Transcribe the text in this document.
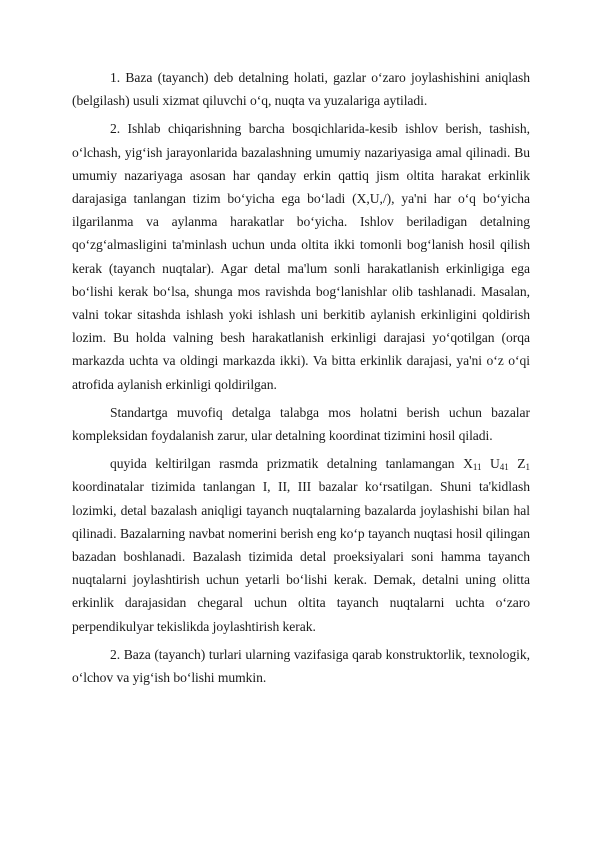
1. Baza (tayanch) deb detalning holati, gazlar o‘zaro joylashishini aniqlash (belgilash) usuli xizmat qiluvchi o‘q, nuqta va yuzalariga aytiladi.

2. Ishlab chiqarishning barcha bosqichlarida-kesib ishlov berish, tashish, o‘lchash, yig‘ish jarayonlarida bazalashning umumiy nazariyasiga amal qilinadi. Bu umumiy nazariyaga asosan har qanday erkin qattiq jism oltita harakat erkinlik darajasiga tanlangan tizim bo‘yicha ega bo‘ladi (X,U,/), ya'ni har o‘q bo‘yicha ilgarilanma va aylanma harakatlar bo‘yicha. Ishlov beriladigan detalning qo‘zg‘almasligini ta'minlash uchun unda oltita ikki tomonli bog‘lanish hosil qilish kerak (tayanch nuqtalar). Agar detal ma'lum sonli harakatlanish erkinligiga ega bo‘lishi kerak bo‘lsa, shunga mos ravishda bog‘lanishlar olib tashlanadi. Masalan, valni tokar sitashda ishlash yoki ishlash uni berkitib aylanish erkinligini qoldirish lozim. Bu holda valning besh harakatlanish erkinligi darajasi yo‘qotilgan (orqa markazda uchta va oldingi markazda ikki). Va bitta erkinlik darajasi, ya'ni o‘z o‘qi atrofida aylanish erkinligi qoldirilgan.

Standartga muvofiq detalga talabga mos holatni berish uchun bazalar kompleksidan foydalanish zarur, ular detalning koordinat tizimini hosil qiladi.

quyida keltirilgan rasmda prizmatik detalning tanlamangan $X_{11}$ $U_{41}$ $Z_1$ koordinatalar tizimida tanlangan I, II, III bazalar ko‘rsatilgan. Shuni ta'kidlash lozimki, detal bazalash aniqligi tayanch nuqtalarning bazalarda joylashishi bilan hal qilinadi. Bazalarning navbat nomerini berish eng ko‘p tayanch nuqtasi hosil qilingan bazadan boshlanadi. Bazalash tizimida detal proeksiyalari soni hamma tayanch nuqtalarni joylashtirish uchun yetarli bo‘lishi kerak. Demak, detalni uning olitta erkinlik darajasidan chegaral uchun oltita tayanch nuqtalarni uchta o‘zaro perpendikulyar tekislikda joylashtirish kerak.

2. Baza (tayanch) turlari ularning vazifasiga qarab konstruktorlik, texnologik, o‘lchov va yig‘ish bo‘lishi mumkin.
